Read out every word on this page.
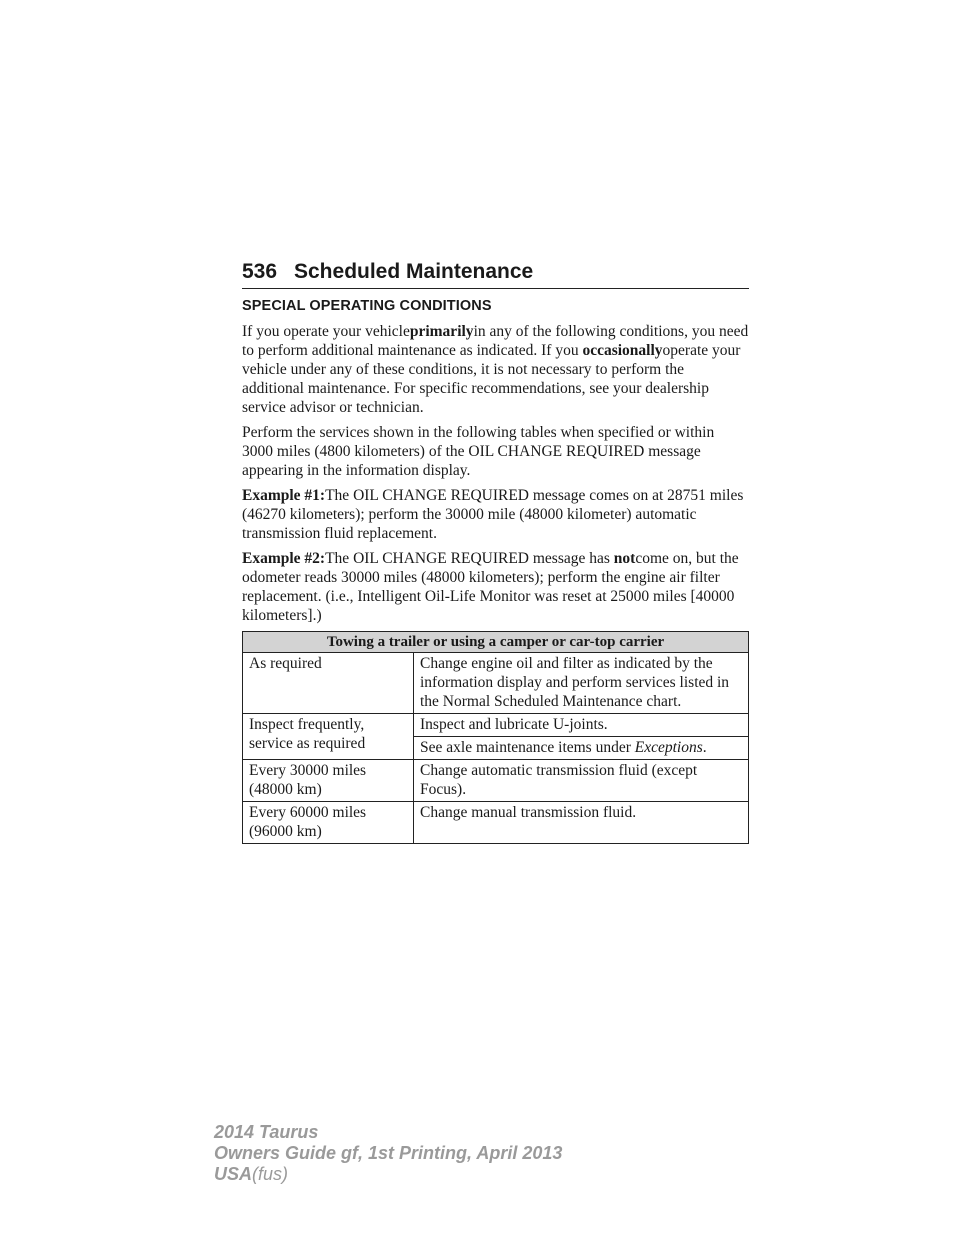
536 Scheduled Maintenance
SPECIAL OPERATING CONDITIONS

If you operate your vehicleprimarilyin any of the following conditions, you need to perform additional maintenance as indicated. If you occasionallyoperate your vehicle under any of these conditions, it is not necessary to perform the additional maintenance. For specific recommendations, see your dealership service advisor or technician.

Perform the services shown in the following tables when specified or within 3000 miles (4800 kilometers) of the OIL CHANGE REQUIRED message appearing in the information display.

Example #1:The OIL CHANGE REQUIRED message comes on at 28751 miles (46270 kilometers); perform the 30000 mile (48000 kilometer) automatic transmission fluid replacement.

Example #2:The OIL CHANGE REQUIRED message has notcome on, but the odometer reads 30000 miles (48000 kilometers); perform the engine air filter replacement. (i.e., Intelligent Oil-Life Monitor was reset at 25000 miles [40000 kilometers].)

Towing a trailer or using a camper or car-top carrier	
As required	Change engine oil and filter as indicated by the information display and perform services listed in the Normal Scheduled Maintenance chart.
Inspect frequently, service as required	Inspect and lubricate U-joints.
	See axle maintenance items under Exceptions.
Every 30000 miles (48000 km)	Change automatic transmission fluid (except Focus).
Every 60000 miles (96000 km)	Change manual transmission fluid.
2014 Taurus
Owners Guide gf, 1st Printing, April 2013
USA(fus)
